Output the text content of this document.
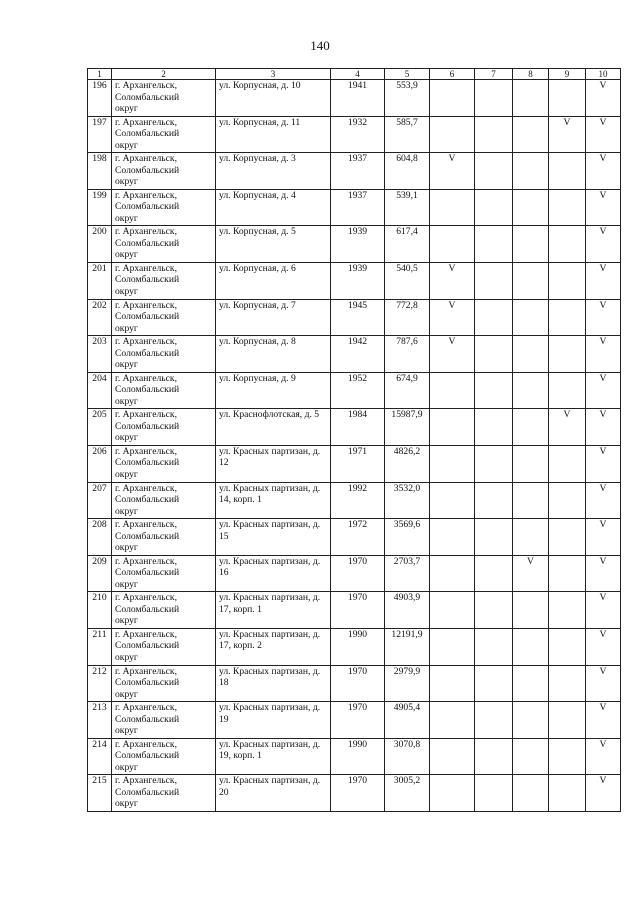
140
1	2	3	4	5	6	7	8	9	10
196	г. Архангельск,
Соломбальский
округ	ул. Корпусная, д. 10	1941	553,9					V
197	г. Архангельск,
Соломбальский
округ	ул. Корпусная, д. 11	1932	585,7				V	V
198	г. Архангельск,
Соломбальский
округ	ул. Корпусная, д. 3	1937	604,8	V				V
199	г. Архангельск,
Соломбальский
округ	ул. Корпусная, д. 4	1937	539,1					V
200	г. Архангельск,
Соломбальский
округ	ул. Корпусная, д. 5	1939	617,4					V
201	г. Архангельск,
Соломбальский
округ	ул. Корпусная, д. 6	1939	540,5	V				V
202	г. Архангельск,
Соломбальский
округ	ул. Корпусная, д. 7	1945	772,8	V				V
203	г. Архангельск,
Соломбальский
округ	ул. Корпусная, д. 8	1942	787,6	V				V
204	г. Архангельск,
Соломбальский
округ	ул. Корпусная, д. 9	1952	674,9					V
205	г. Архангельск,
Соломбальский
округ	ул. Краснофлотская, д. 5	1984	15987,9				V	V
206	г. Архангельск,
Соломбальский
округ	ул. Красных партизан, д. 12	1971	4826,2					V
207	г. Архангельск,
Соломбальский
округ	ул. Красных партизан, д. 14, корп. 1	1992	3532,0					V
208	г. Архангельск,
Соломбальский
округ	ул. Красных партизан, д. 15	1972	3569,6					V
209	г. Архангельск,
Соломбальский
округ	ул. Красных партизан, д. 16	1970	2703,7			V		V
210	г. Архангельск,
Соломбальский
округ	ул. Красных партизан, д. 17, корп. 1	1970	4903,9					V
211	г. Архангельск,
Соломбальский
округ	ул. Красных партизан, д. 17, корп. 2	1990	12191,9					V
212	г. Архангельск,
Соломбальский
округ	ул. Красных партизан, д. 18	1970	2979,9					V
213	г. Архангельск,
Соломбальский
округ	ул. Красных партизан, д. 19	1970	4905,4					V
214	г. Архангельск,
Соломбальский
округ	ул. Красных партизан, д. 19, корп. 1	1990	3070,8					V
215	г. Архангельск,
Соломбальский
округ	ул. Красных партизан, д. 20	1970	3005,2					V
